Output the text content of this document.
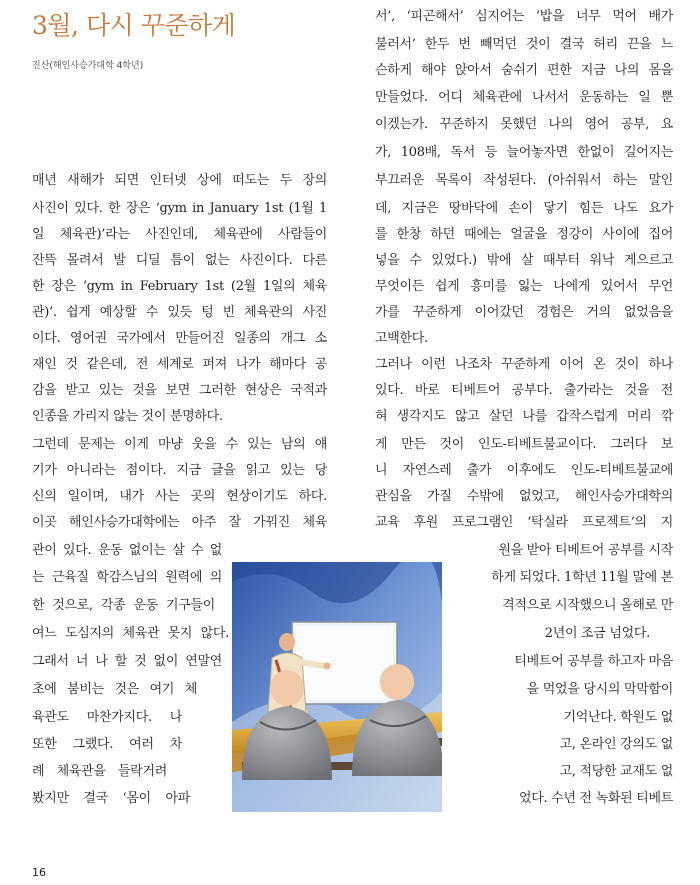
3월, 다시 꾸준하게
진산(해인사승가대학 4학년)
매년 새해가 되면 인터넷 상에 떠도는 두 장의
사진이 있다. 한 장은 ‘gym in January 1st (1월 1
일 체육관)’라는 사진인데, 체육관에 사람들이
잔뜩 몰려서 발 디딜 틈이 없는 사진이다. 다른
한 장은 ‘gym in February 1st (2월 1일의 체육
관)’. 쉽게 예상할 수 있듯 텅 빈 체육관의 사진
이다. 영어권 국가에서 만들어진 일종의 개그 소
재인 것 같은데, 전 세계로 퍼져 나가 해마다 공
감을 받고 있는 것을 보면 그러한 현상은 국적과
인종을 가리지 않는 것이 분명하다.
그런데 문제는 이게 마냥 웃을 수 있는 남의 얘
기가 아니라는 점이다. 지금 글을 읽고 있는 당
신의 일이며, 내가 사는 곳의 현상이기도 하다.
이곳 해인사승가대학에는 아주 잘 가꿔진 체육
관이 있다. 운동 없이는 살 수 없
는 근육질 학감스님의 원력에 의
한 것으로, 각종 운동 기구들이
여느 도심지의 체육관 못지 않다.
그래서 너 나 할 것 없이 연말연
초에 붐비는 것은 여기 체
육관도 마찬가지다. 나
또한 그랬다. 여러 차
례 체육관을 들락거려
봤지만 결국 ‘몸이 아파
서’, ‘피곤해서’ 심지어는 ‘밥을 너무 먹어 배가
불러서’ 한두 번 빼먹던 것이 결국 허리 끈을 느
슨하게 해야 앉아서 숨쉬기 편한 지금 나의 몸을
만들었다. 어디 체육관에 나서서 운동하는 일 뿐
이겠는가. 꾸준하지 못했던 나의 영어 공부, 요
가, 108배, 독서 등 늘어놓자면 한없이 길어지는
부끄러운 목록이 작성된다. (아쉬워서 하는 말인
데, 지금은 땅바닥에 손이 닿기 힘든 나도 요가
를 한창 하던 때에는 얼굴을 정강이 사이에 집어
넣을 수 있었다.) 밖에 살 때부터 워낙 게으르고
무엇이든 쉽게 흥미를 잃는 나에게 있어서 무언
가를 꾸준하게 이어갔던 경험은 거의 없었음을
고백한다.
그러나 이런 나조차 꾸준하게 이어 온 것이 하나
있다. 바로 티베트어 공부다. 출가라는 것을 전
혀 생각지도 않고 살던 나를 갑작스럽게 머리 깎
게 만든 것이 인도-티베트불교이다. 그러다 보
니 자연스레 출가 이후에도 인도-티베트불교에
관심을 가질 수밖에 없었고, 해인사승가대학의
교육 후원 프로그램인 ‘탁실라 프로젝트’의 지
원을 받아 티베트어 공부를 시작
하게 되었다. 1학년 11월 말에 본
격적으로 시작했으니 올해로 만
2년이 조금 넘었다.
티베트어 공부를 하고자 마음
을 먹었을 당시의 막막함이
기억난다. 학원도 없
고, 온라인 강의도 없
고, 적당한 교재도 없
었다. 수년 전 녹화된 티베트
16
